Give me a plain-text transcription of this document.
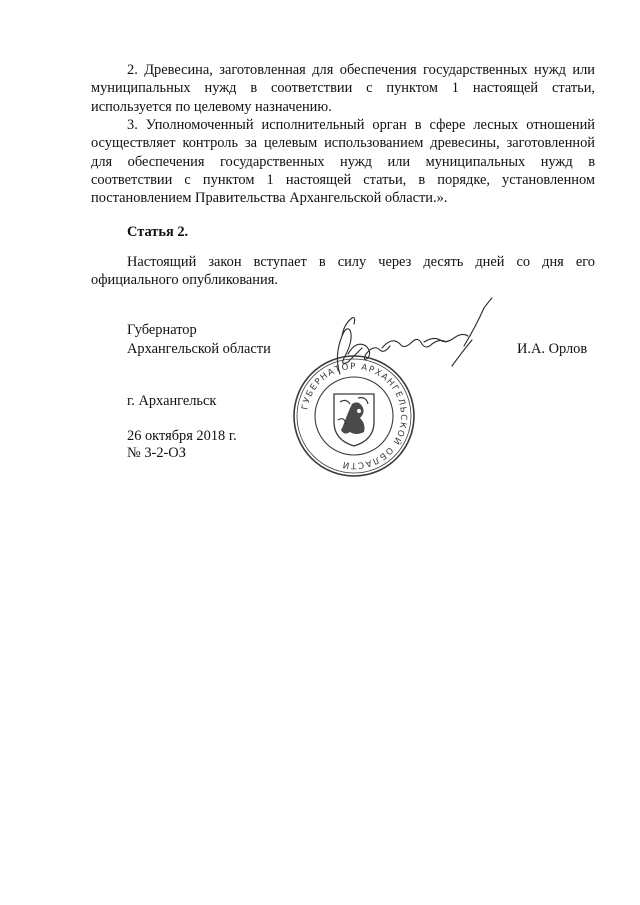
2. Древесина, заготовленная для обеспечения государственных нужд или муниципальных нужд в соответствии с пунктом 1 настоящей статьи, используется по целевому назначению.

3. Уполномоченный исполнительный орган в сфере лесных отношений осуществляет контроль за целевым использованием древесины, заготовленной для обеспечения государственных нужд или муниципальных нужд в соответствии с пунктом 1 настоящей статьи, в порядке, установленном постановлением Правительства Архангельской области.».

Статья 2.

Настоящий закон вступает в силу через десять дней со дня его официального опубликования.

Губернатор

Архангельской области	И.А. Орлов

г. Архангельск

26 октября 2018 г.

№ 3-2-ОЗ

ГУБЕРНАТОР АРХАНГЕЛЬСКОЙ ОБЛАСТИ
